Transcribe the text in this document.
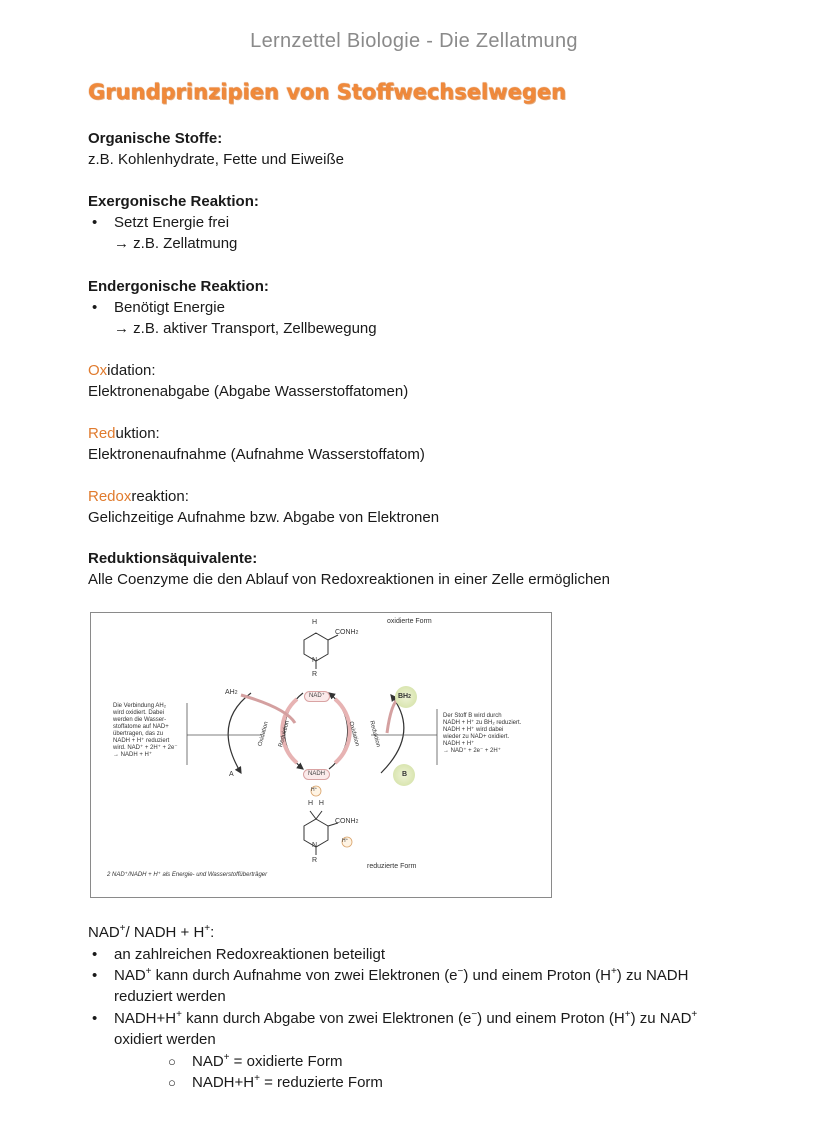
Lernzettel Biologie - Die Zellatmung
Grundprinzipien von Stoffwechselwegen
Organische Stoffe:
z.B. Kohlenhydrate, Fette und Eiweiße
Exergonische Reaktion:
• Setzt Energie frei
→ z.B. Zellatmung
Endergonische Reaktion:
• Benötigt Energie
→ z.B. aktiver Transport, Zellbewegung
Oxidation:
Elektronenabgabe (Abgabe Wasserstoffatomen)
Reduktion:
Elektronenaufnahme (Aufnahme Wasserstoffatom)
Redoxreaktion:
Gelichzeitige Aufnahme bzw. Abgabe von Elektronen
Reduktionsäquivalente:
Alle Coenzyme die den Ablauf von Redoxreaktionen in einer Zelle ermöglichen
H
CONH2
oxidierte Form
N
R
AH2
A
BH2
B
NAD⁺
NADH
H⁺
H⁺
Oxidation Reduktion	Oxidation Reduktion
H H
CONH2
N
R
reduzierte Form
Die Verbindung AH₂
wird oxidiert. Dabei
werden die Wasser-
stoffatome auf NAD+
übertragen, das zu
NADH + H⁺ reduziert
wird. NAD⁺ + 2H⁺ + 2e⁻
→ NADH + H⁺
Der Stoff B wird durch
NADH + H⁺ zu BH₂ reduziert.
NADH + H⁺ wird dabei
wieder zu NAD+ oxidiert.
NADH + H⁺
→ NAD⁺ + 2e⁻ + 2H⁺
2 NAD⁺/NADH + H⁺ als Energie- und Wasserstoffüberträger
NAD+/ NADH + H+:
• an zahlreichen Redoxreaktionen beteiligt
• NAD+ kann durch Aufnahme von zwei Elektronen (e−) und einem Proton (H+) zu NADH
reduziert werden
• NADH+H+ kann durch Abgabe von zwei Elektronen (e−) und einem Proton (H+) zu NAD+
oxidiert werden
○ NAD+ = oxidierte Form
○ NADH+H+ = reduzierte Form
